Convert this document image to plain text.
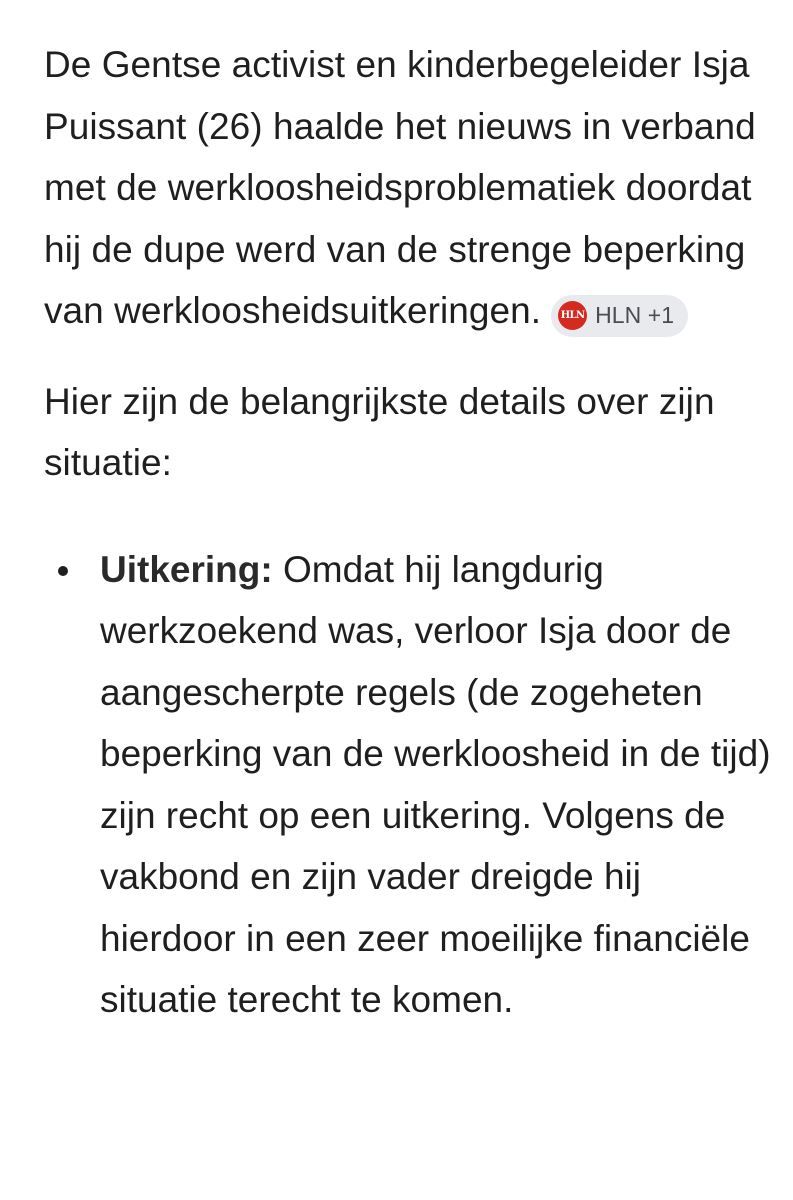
De Gentse activist en kinderbegeleider Isja Puissant (26) haalde het nieuws in verband met de werkloosheidsproblematiek doordat hij de dupe werd van de strenge beperking van werkloosheidsuitkeringen. HLN HLN +1

Hier zijn de belangrijkste details over zijn situatie:

Uitkering: Omdat hij langdurig werkzoekend was, verloor Isja door de aangescherpte regels (de zogeheten beperking van de werkloosheid in de tijd) zijn recht op een uitkering. Volgens de vakbond en zijn vader dreigde hij hierdoor in een zeer moeilijke financiële situatie terecht te komen.
